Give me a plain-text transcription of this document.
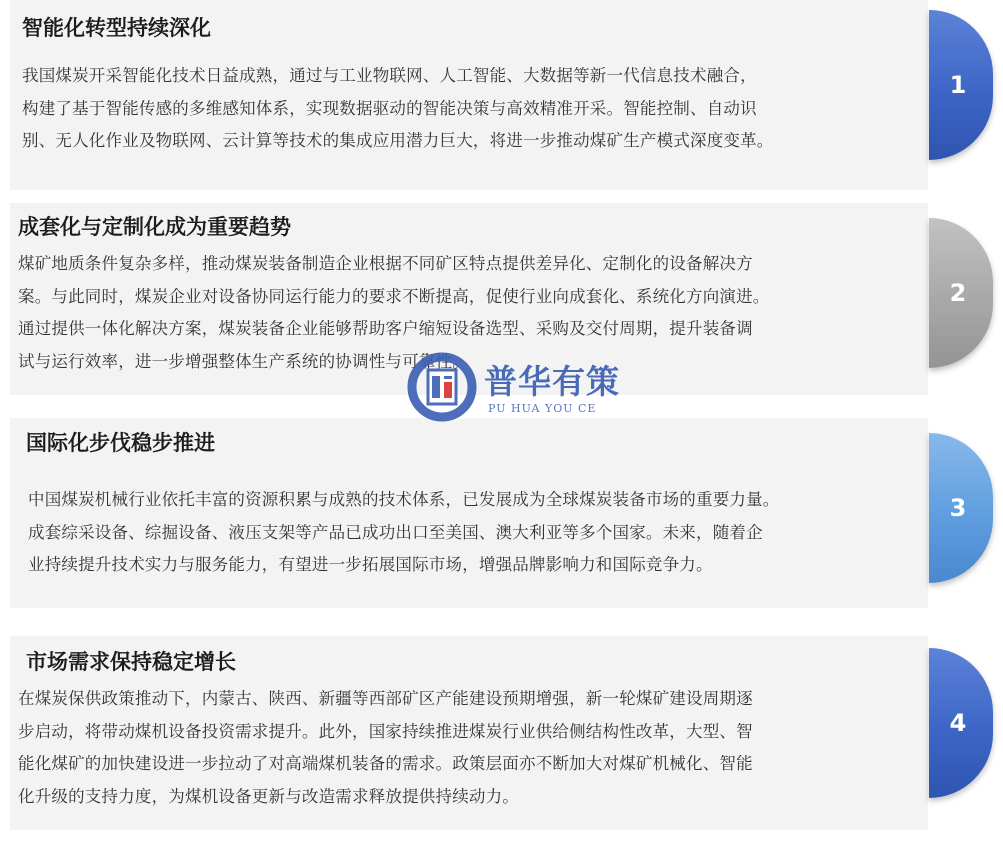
智能化转型持续深化
我国煤炭开采智能化技术日益成熟，通过与工业物联网、人工智能、大数据等新一代信息技术融合，
构建了基于智能传感的多维感知体系，实现数据驱动的智能决策与高效精准开采。智能控制、自动识
别、无人化作业及物联网、云计算等技术的集成应用潜力巨大，将进一步推动煤矿生产模式深度变革。
1
成套化与定制化成为重要趋势
煤矿地质条件复杂多样，推动煤炭装备制造企业根据不同矿区特点提供差异化、定制化的设备解决方
案。与此同时，煤炭企业对设备协同运行能力的要求不断提高，促使行业向成套化、系统化方向演进。
通过提供一体化解决方案，煤炭装备企业能够帮助客户缩短设备选型、采购及交付周期，提升装备调
试与运行效率，进一步增强整体生产系统的协调性与可靠性。
2
国际化步伐稳步推进
中国煤炭机械行业依托丰富的资源积累与成熟的技术体系，已发展成为全球煤炭装备市场的重要力量。
成套综采设备、综掘设备、液压支架等产品已成功出口至美国、澳大利亚等多个国家。未来，随着企
业持续提升技术实力与服务能力，有望进一步拓展国际市场，增强品牌影响力和国际竞争力。
3
市场需求保持稳定增长
在煤炭保供政策推动下，内蒙古、陕西、新疆等西部矿区产能建设预期增强，新一轮煤矿建设周期逐
步启动，将带动煤机设备投资需求提升。此外，国家持续推进煤炭行业供给侧结构性改革，大型、智
能化煤矿的加快建设进一步拉动了对高端煤机装备的需求。政策层面亦不断加大对煤矿机械化、智能
化升级的支持力度，为煤机设备更新与改造需求释放提供持续动力。
4
普华有策
PU HUA YOU CE
